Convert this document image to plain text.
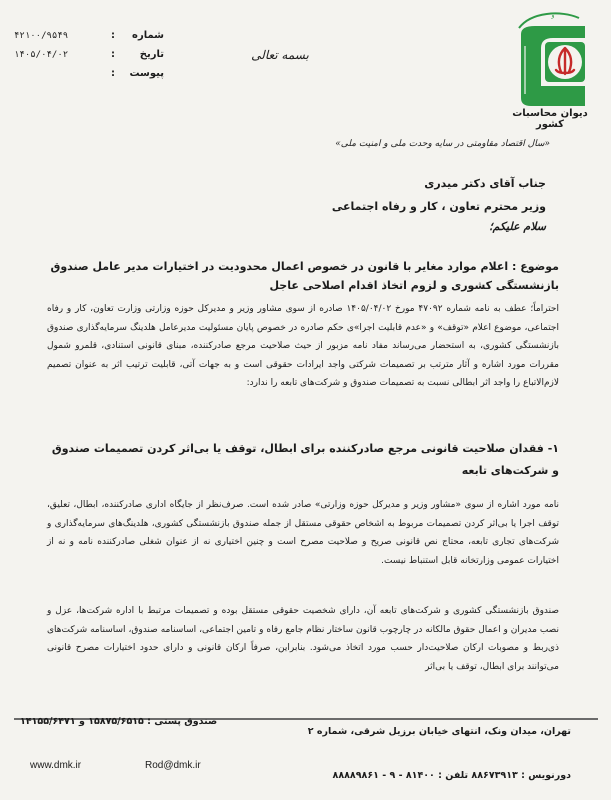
و
دیوان محاسبات کشور
بسمه تعالی
شماره
:
۴۲۱۰۰/۹۵۴۹
تاریخ
:
۱۴۰۵/۰۴/۰۲
پیوست
:
«سال اقتصاد مقاومتی در سایه وحدت ملی و امنیت ملی»
جناب آقای دکتر میدری
وزیر محترم تعاون ، کار و رفاه اجتماعی
سلام علیکم؛
موضوع : اعلام موارد مغایر با قانون در خصوص اعمال محدودیت در اختیارات مدیر عامل صندوق بازنشستگی کشوری و لزوم اتخاذ اقدام اصلاحی عاجل
احتراماً؛ عطف به نامه شماره ۴۷۰۹۲ مورخ ۱۴۰۵/۰۴/۰۲ صادره از سوی مشاور وزیر و مدیرکل حوزه وزارتی وزارت تعاون، کار و رفاه اجتماعی، موضوع اعلام «توقف» و «عدم قابلیت اجرا»ی حکم صادره در خصوص پایان مسئولیت مدیرعامل هلدینگ سرمایه‌گذاری صندوق بازنشستگی کشوری، به استحضار می‌رساند مفاد نامه مزبور از حیث صلاحیت مرجع صادرکننده، مبنای قانونی استنادی، قلمرو شمول مقررات مورد اشاره و آثار مترتب بر تصمیمات شرکتی واجد ایرادات حقوقی است و به جهات آتی، قابلیت ترتیب اثر به عنوان تصمیم لازم‌الاتباع را واجد اثر ابطالی نسبت به تصمیمات صندوق و شرکت‌های تابعه را ندارد:
۱- فقدان صلاحیت قانونی مرجع صادرکننده برای ابطال، توقف یا بی‌اثر کردن تصمیمات صندوق و شرکت‌های تابعه
نامه مورد اشاره از سوی «مشاور وزیر و مدیرکل حوزه وزارتی» صادر شده است. صرف‌نظر از جایگاه اداری صادرکننده، ابطال، تعلیق، توقف اجرا یا بی‌اثر کردن تصمیمات مربوط به اشخاص حقوقی مستقل از جمله صندوق بازنشستگی کشوری، هلدینگ‌های سرمایه‌گذاری و شرکت‌های تجاری تابعه، محتاج نص قانونی صریح و صلاحیت مصرح است و چنین اختیاری نه از عنوان شغلی صادرکننده نامه و نه از اختیارات عمومی وزارتخانه قابل استنباط نیست.
صندوق بازنشستگی کشوری و شرکت‌های تابعه آن، دارای شخصیت حقوقی مستقل بوده و تصمیمات مرتبط با اداره شرکت‌ها، عزل و نصب مدیران و اعمال حقوق مالکانه در چارچوب قانون ساختار نظام جامع رفاه و تامین اجتماعی، اساسنامه صندوق، اساسنامه شرکت‌های ذی‌ربط و مصوبات ارکان صلاحیت‌دار حسب مورد اتخاذ می‌شود. بنابراین، صرفاً ارکان قانونی و دارای حدود اختیارات مصرح قانونی می‌توانند برای ابطال، توقف یا بی‌اثر
تهران، میدان ونک، انتهای خیابان برزیل شرقی، شماره ۲
صندوق پستی : ۱۵۸۷۵/۶۵۱۵ و ۱۴۱۵۵/۶۴۷۱
دورنویس : ۸۸۶۷۳۹۱۳ تلفن : ۸۱۴۰۰ - ۹ - ۸۸۸۸۹۸۶۱
www.dmk.ir	Rod@dmk.ir
